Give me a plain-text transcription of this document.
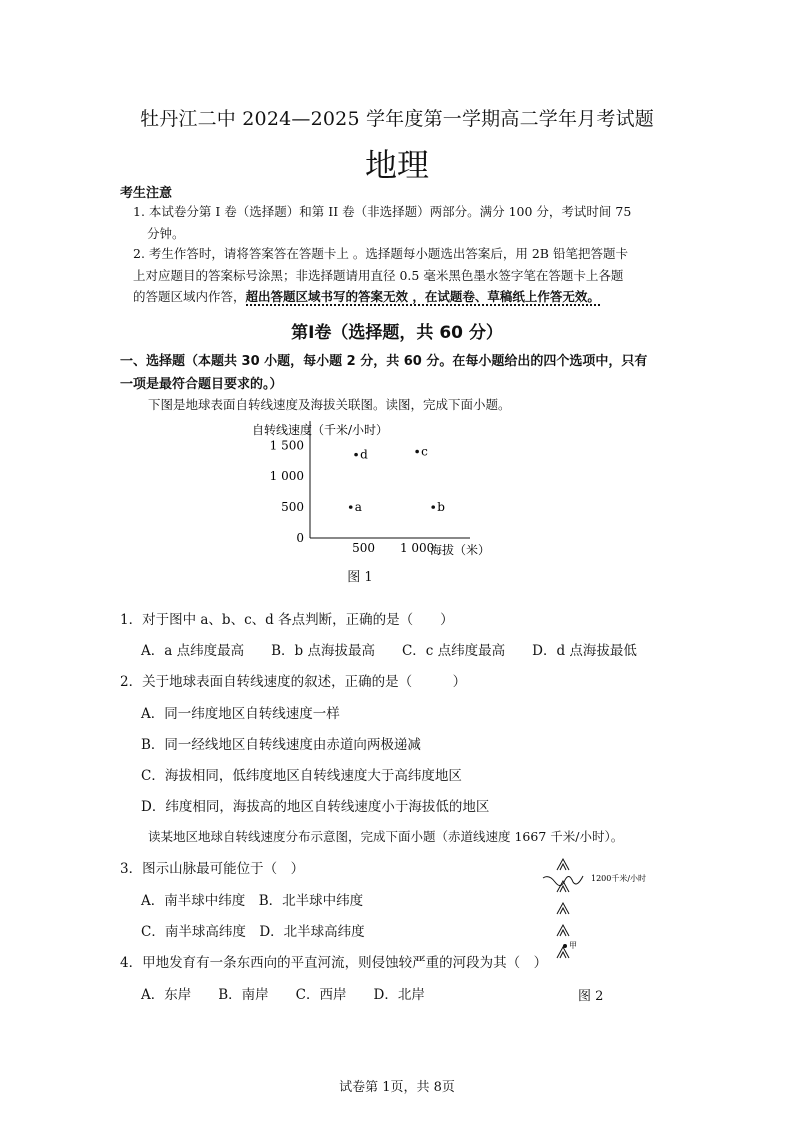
牡丹江二中 2024—2025 学年度第一学期高二学年月考试题
地理
考生注意
1. 本试卷分第 I 卷（选择题）和第 II 卷（非选择题）两部分。满分 100 分，考试时间 75
分钟。
2. 考生作答时，请将答案答在答题卡上 。选择题每小题选出答案后，用 2B 铅笔把答题卡
上对应题目的答案标号涂黑；非选择题请用直径 0.5 毫米黑色墨水签字笔在答题卡上各题
的答题区域内作答，超出答题区域书写的答案无效 ，在试题卷、草稿纸上作答无效。
第Ⅰ卷（选择题，共 60 分）
一、选择题（本题共 30 小题，每小题 2 分，共 60 分。在每小题给出的四个选项中，只有
一项是最符合题目要求的。）
下图是地球表面自转线速度及海拔关联图。读图，完成下面小题。
自转线速度（千米/小时）
海拔（米）
0
500
1 000
1 500
500 1 000
a	b
c
d
图 1
1．对于图中 a、b、c、d 各点判断，正确的是（　　）
A．a 点纬度最高　　B．b 点海拔最高　　C．c 点纬度最高　　D．d 点海拔最低
2．关于地球表面自转线速度的叙述，正确的是（　　　）
A．同一纬度地区自转线速度一样
B．同一经线地区自转线速度由赤道向两极递减
C．海拔相同，低纬度地区自转线速度大于高纬度地区
D．纬度相同，海拔高的地区自转线速度小于海拔低的地区
读某地区地球自转线速度分布示意图，完成下面小题（赤道线速度 1667 千米/小时）。
3．图示山脉最可能位于（　）
A．南半球中纬度　B．北半球中纬度
C．南半球高纬度　D．北半球高纬度
4．甲地发育有一条东西向的平直河流，则侵蚀较严重的河段为其（　）
A．东岸　　B．南岸　　C．西岸　　D．北岸
甲
1200千米/小时
图 2
试卷第 1页，共 8页
